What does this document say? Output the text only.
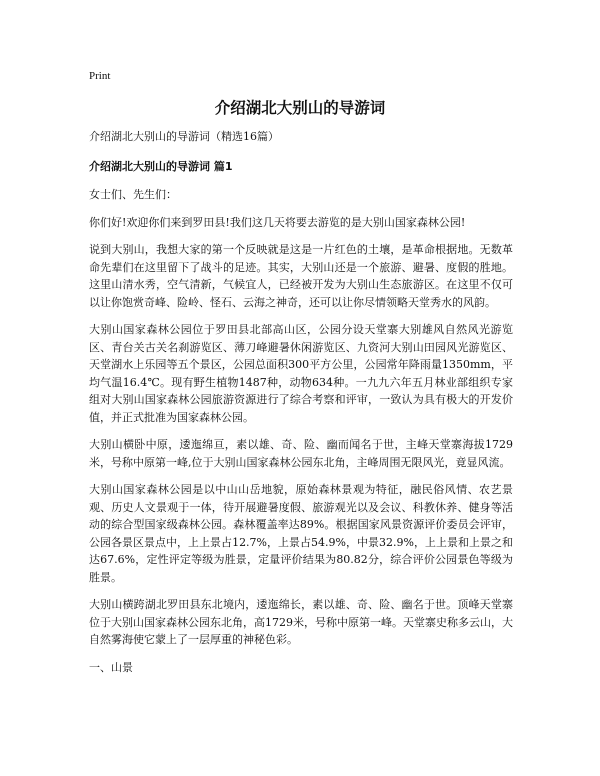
Print
介绍湖北大别山的导游词

介绍湖北大别山的导游词（精选16篇）

介绍湖北大别山的导游词 篇1

女士们、先生们：

你们好!欢迎你们来到罗田县!我们这几天将要去游览的是大别山国家森林公园!

说到大别山，我想大家的第一个反映就是这是一片红色的土壤，是革命根据地。无数革命先辈们在这里留下了战斗的足迹。其实，大别山还是一个旅游、避暑、度假的胜地。这里山清水秀，空气清新，气候宜人，已经被开发为大别山生态旅游区。在这里不仅可以让你饱赏奇峰、险岭、怪石、云海之神奇，还可以让你尽情领略天堂秀水的风韵。

大别山国家森林公园位于罗田县北部高山区，公园分设天堂寨大别雄风自然风光游览区、青台关古关名刹游览区、薄刀峰避暑休闲游览区、九资河大别山田园风光游览区、天堂湖水上乐园等五个景区，公园总面积300平方公里，公园常年降雨量1350mm，平均气温16.4℃。现有野生植物1487种，动物634种。一九九六年五月林业部组织专家组对大别山国家森林公园旅游资源进行了综合考察和评审，一致认为具有极大的开发价值，并正式批准为国家森林公园。

大别山横卧中原，逶迤绵亘，素以雄、奇、险、幽而闻名于世，主峰天堂寨海拔1729米，号称中原第一峰,位于大别山国家森林公园东北角，主峰周围无限风光，竟显风流。

大别山国家森林公园是以中山山岳地貌，原始森林景观为特征，融民俗风情、农艺景观、历史人文景观于一体，待开展避暑度假、旅游观光以及会议、科教休养、健身等活动的综合型国家级森林公园。森林覆盖率达89%。根据国家风景资源评价委员会评审，公园各景区景点中，上上景占12.7%，上景占54.9%，中景32.9%，上上景和上景之和达67.6%，定性评定等级为胜景，定量评价结果为80.82分，综合评价公园景色等级为胜景。

大别山横跨湖北罗田县东北境内，逶迤绵长，素以雄、奇、险、幽名于世。顶峰天堂寨位于大别山国家森林公园东北角，高1729米，号称中原第一峰。天堂寨史称多云山，大自然雾海使它蒙上了一层厚重的神秘色彩。

一、山景
